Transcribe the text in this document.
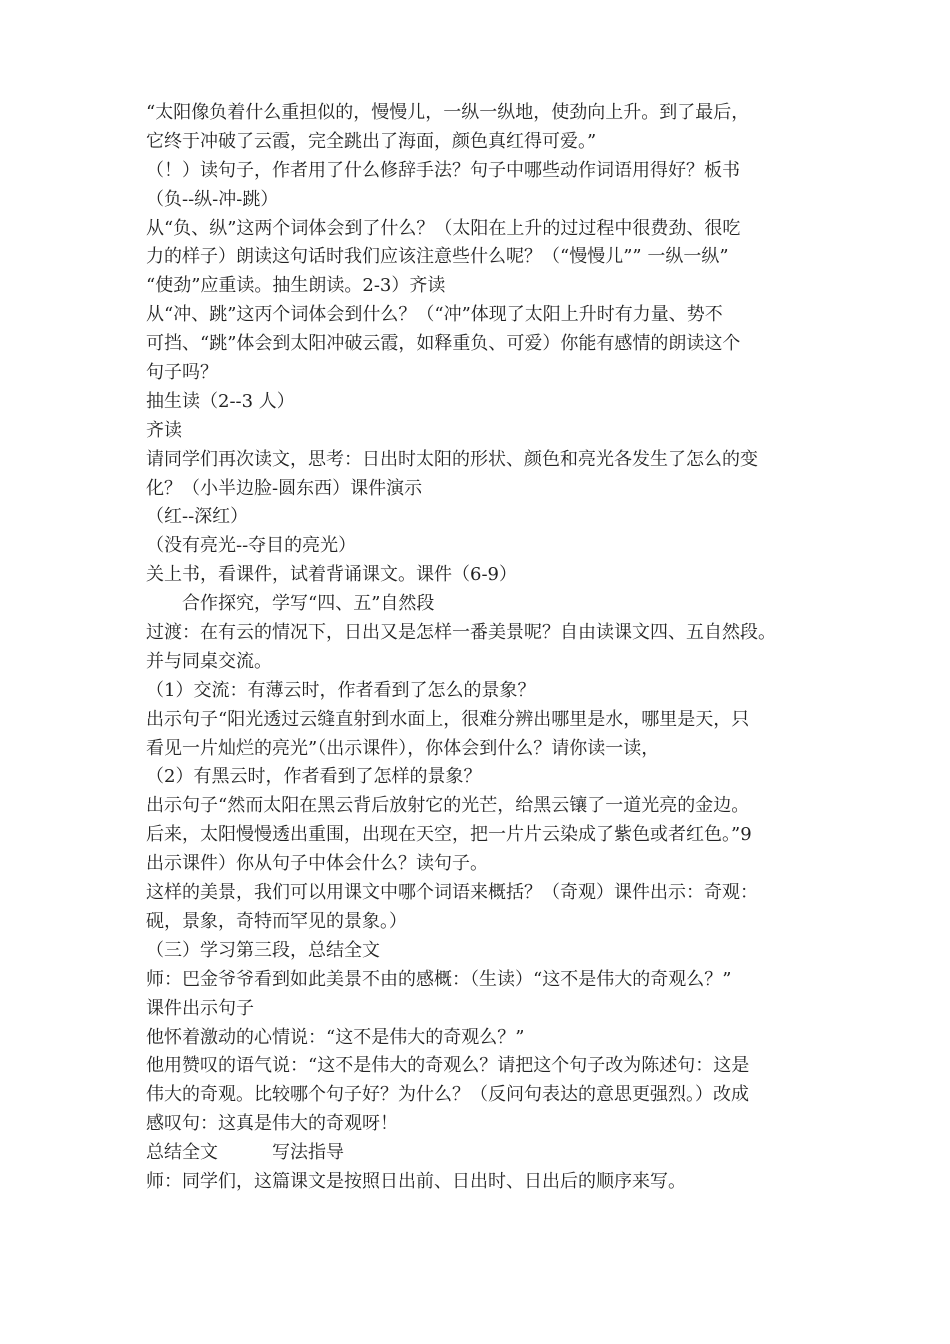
“太阳像负着什么重担似的，慢慢儿，一纵一纵地，使劲向上升。到了最后，
它终于冲破了云霞，完全跳出了海面，颜色真红得可爱。”
（！）读句子，作者用了什么修辞手法？句子中哪些动作词语用得好？板书
（负--纵-冲-跳）
从“负、纵”这两个词体会到了什么？（太阳在上升的过过程中很费劲、很吃
力的样子）朗读这句话时我们应该注意些什么呢？（“慢慢儿”” 一纵一纵”
“使劲”应重读。抽生朗读。2-3）齐读
从“冲、跳”这丙个词体会到什么？（“冲”体现了太阳上升时有力量、势不
可挡、“跳”体会到太阳冲破云霞，如释重负、可爱）你能有感情的朗读这个
句子吗？
抽生读（2--3 人）
齐读
请同学们再次读文，思考：日出时太阳的形状、颜色和亮光各发生了怎么的变
化？（小半边脸-圆东西）课件演示
（红--深红）
（没有亮光--夺目的亮光）
关上书，看课件，试着背诵课文。课件（6-9）
合作探究，学写“四、五”自然段
过渡：在有云的情况下，日出又是怎样一番美景呢？自由读课文四、五自然段。
并与同桌交流。
（1）交流：有薄云时，作者看到了怎么的景象？
出示句子“阳光透过云缝直射到水面上，很难分辨出哪里是水，哪里是天，只
看见一片灿烂的亮光”（出示课件），你体会到什么？请你读一读，
（2）有黑云时，作者看到了怎样的景象？
出示句子“然而太阳在黑云背后放射它的光芒，给黑云镶了一道光亮的金边。
后来，太阳慢慢透出重围，出现在天空，把一片片云染成了紫色或者红色。”9
出示课件）你从句子中体会什么？读句子。
这样的美景，我们可以用课文中哪个词语来概括？（奇观）课件出示：奇观：
砚，景象，奇特而罕见的景象。）
（三）学习第三段，总结全文
师：巴金爷爷看到如此美景不由的感概：（生读）“这不是伟大的奇观么？”
课件出示句子
他怀着激动的心情说：“这不是伟大的奇观么？”
他用赞叹的语气说：“这不是伟大的奇观么？请把这个句子改为陈述句：这是
伟大的奇观。比较哪个句子好？为什么？（反问句表达的意思更强烈。）改成
感叹句：这真是伟大的奇观呀！
总结全文　　　写法指导
师：同学们，这篇课文是按照日出前、日出时、日出后的顺序来写。
